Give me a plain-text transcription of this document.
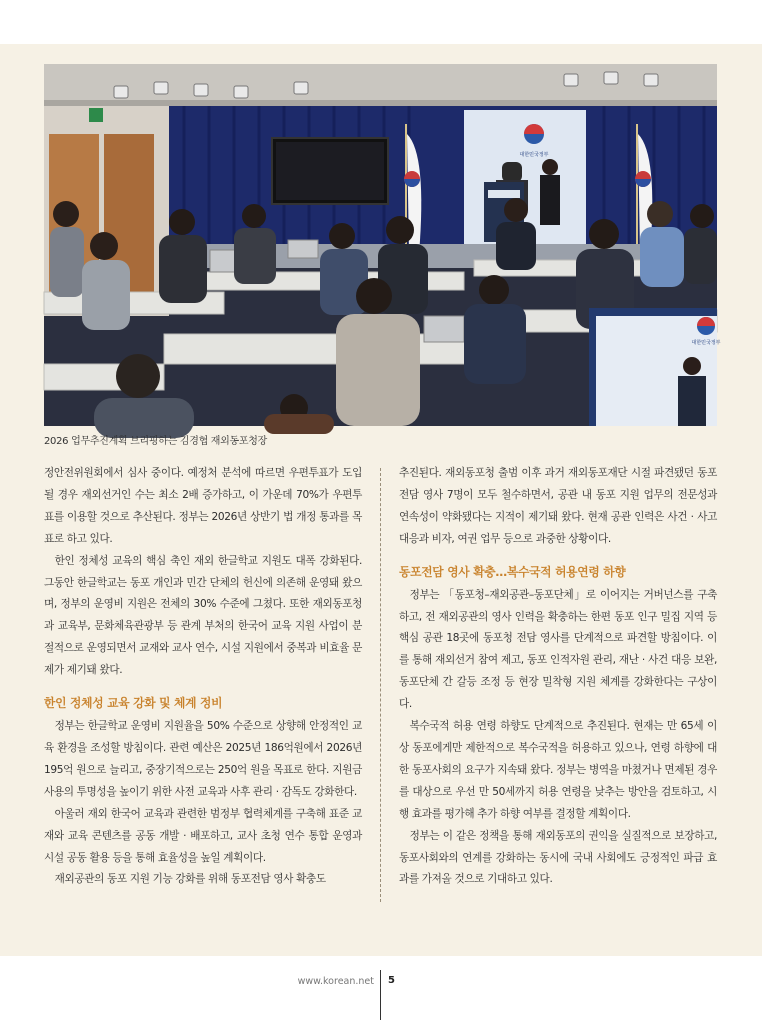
대한민국정부
대한민국정부
2026 업무추진계획 브리핑하는 김경협 재외동포청장

정안전위원회에서 심사 중이다. 예정처 분석에 따르면 우편투표가 도입될 경우 재외선거인 수는 최소 2배 증가하고, 이 가운데 70%가 우편투표를 이용할 것으로 추산된다. 정부는 2026년 상반기 법 개정 통과를 목표로 하고 있다.

한인 정체성 교육의 핵심 축인 재외 한글학교 지원도 대폭 강화된다. 그동안 한글학교는 동포 개인과 민간 단체의 헌신에 의존해 운영돼 왔으며, 정부의 운영비 지원은 전체의 30% 수준에 그쳤다. 또한 재외동포청과 교육부, 문화체육관광부 등 관계 부처의 한국어 교육 지원 사업이 분절적으로 운영되면서 교재와 교사 연수, 시설 지원에서 중복과 비효율 문제가 제기돼 왔다.

한인 정체성 교육 강화 및 체계 정비

정부는 한글학교 운영비 지원율을 50% 수준으로 상향해 안정적인 교육 환경을 조성할 방침이다. 관련 예산은 2025년 186억원에서 2026년 195억 원으로 늘리고, 중장기적으로는 250억 원을 목표로 한다. 지원금 사용의 투명성을 높이기 위한 사전 교육과 사후 관리 · 감독도 강화한다.

아울러 재외 한국어 교육과 관련한 범정부 협력체계를 구축해 표준 교재와 교육 콘텐츠를 공동 개발 · 배포하고, 교사 초청 연수 통합 운영과 시설 공동 활용 등을 통해 효율성을 높일 계획이다.

재외공관의 동포 지원 기능 강화를 위해 동포전담 영사 확충도

추진된다. 재외동포청 출범 이후 과거 재외동포재단 시절 파견됐던 동포전담 영사 7명이 모두 철수하면서, 공관 내 동포 지원 업무의 전문성과 연속성이 약화됐다는 지적이 제기돼 왔다. 현재 공관 인력은 사건 · 사고 대응과 비자, 여권 업무 등으로 과중한 상황이다.

동포전담 영사 확충…복수국적 허용연령 하향

정부는 「동포청–재외공관–동포단체」로 이어지는 거버넌스를 구축하고, 전 재외공관의 영사 인력을 확충하는 한편 동포 인구 밀집 지역 등 핵심 공관 18곳에 동포청 전담 영사를 단계적으로 파견할 방침이다. 이를 통해 재외선거 참여 제고, 동포 인적자원 관리, 재난 · 사건 대응 보완, 동포단체 간 갈등 조정 등 현장 밀착형 지원 체계를 강화한다는 구상이다.

복수국적 허용 연령 하향도 단계적으로 추진된다. 현재는 만 65세 이상 동포에게만 제한적으로 복수국적을 허용하고 있으나, 연령 하향에 대한 동포사회의 요구가 지속돼 왔다. 정부는 병역을 마쳤거나 면제된 경우를 대상으로 우선 만 50세까지 허용 연령을 낮추는 방안을 검토하고, 시행 효과를 평가해 추가 하향 여부를 결정할 계획이다.

정부는 이 같은 정책을 통해 재외동포의 권익을 실질적으로 보장하고, 동포사회와의 연계를 강화하는 동시에 국내 사회에도 긍정적인 파급 효과를 가져올 것으로 기대하고 있다.

www.korean.net 5
